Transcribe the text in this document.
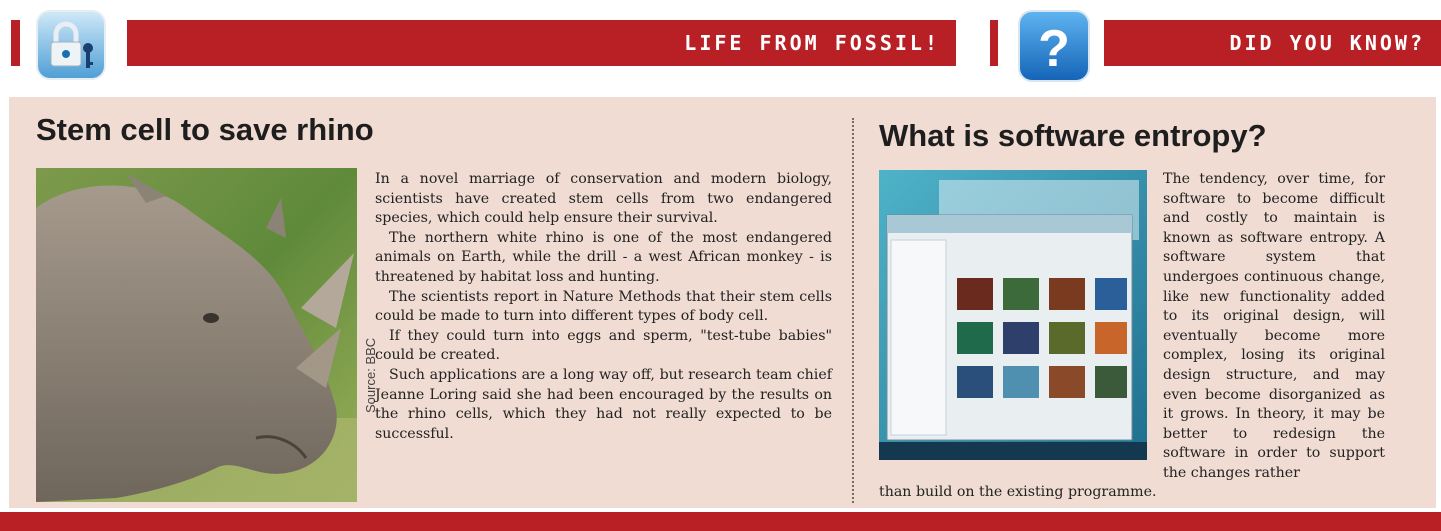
LIFE FROM FOSSIL! ?	DID YOU KNOW?
Stem cell to save rhino
Source: BBC

In a novel marriage of conservation and modern biology, scientists have created stem cells from two endangered species, which could help ensure their survival.

The northern white rhino is one of the most endangered animals on Earth, while the drill - a west African monkey - is threatened by habitat loss and hunting.

The scientists report in Nature Methods that their stem cells could be made to turn into different types of body cell.

If they could turn into eggs and sperm, "test-tube babies" could be created.

Such applications are a long way off, but research team chief Jeanne Loring said she had been encouraged by the results on the rhino cells, which they had not really expected to be successful.

What is software entropy?
The tendency, over time, for software to become difficult and costly to maintain is known as software entropy. A software system that undergoes continuous change, like new functionality added to its original design, will eventually become more complex, losing its original design structure, and may even become disorganized as it grows. In theory, it may be better to redesign the software in order to support the changes rather
than build on the existing programme.
